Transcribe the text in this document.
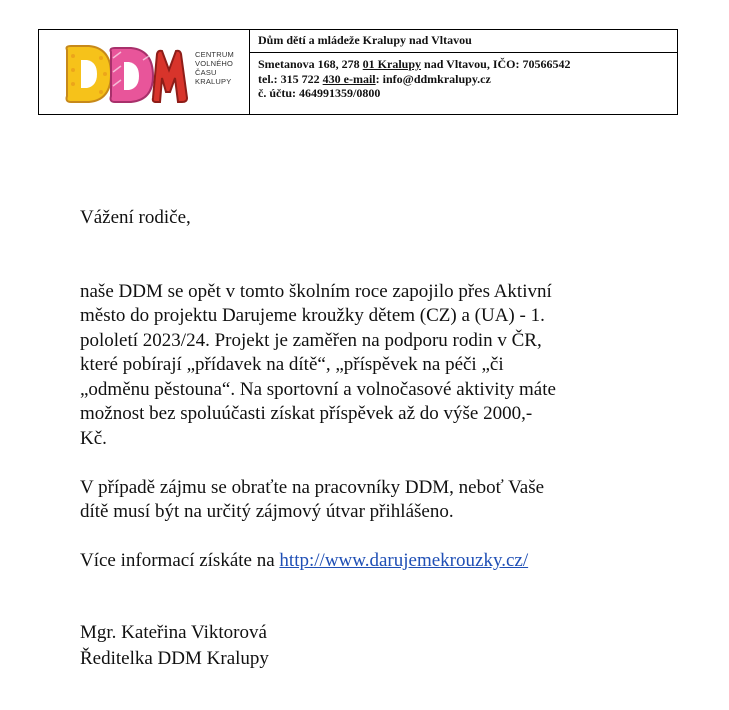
CENTRUM
VOLNÉHO
ČASU
KRALUPY
Dům dětí a mládeže Kralupy nad Vltavou
Smetanova 168, 278 01 Kralupy nad Vltavou, IČO: 70566542
tel.: 315 722 430 e-mail: info@ddmkralupy.cz
č. účtu: 464991359/0800

Vážení rodiče,

naše DDM se opět v tomto školním roce zapojilo přes Aktivní

město do projektu Darujeme kroužky dětem (CZ) a (UA) - 1.

pololetí 2023/24. Projekt je zaměřen na podporu rodin v ČR,

které pobírají „přídavek na dítě“, „příspěvek na péči „či

„odměnu pěstouna“. Na sportovní a volnočasové aktivity máte

možnost bez spoluúčasti získat příspěvek až do výše 2000,-

Kč.

V případě zájmu se obraťte na pracovníky DDM, neboť Vaše

dítě musí být na určitý zájmový útvar přihlášeno.

Více informací získáte na http://www.darujemekrouzky.cz/

Mgr. Kateřina Viktorová
Ředitelka DDM Kralupy
